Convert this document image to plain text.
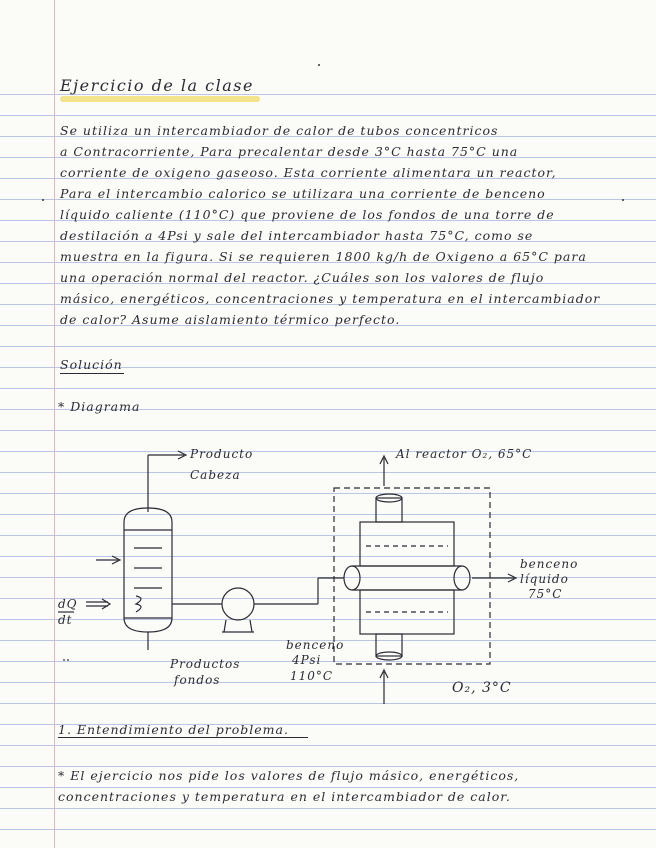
Ejercicio de la clase
Se utiliza un intercambiador de calor de tubos concentricos
a Contracorriente, Para precalentar desde 3°C hasta 75°C una
corriente de oxigeno gaseoso. Esta corriente alimentara un reactor,
Para el intercambio calorico se utilizara una corriente de benceno
líquido caliente (110°C) que proviene de los fondos de una torre de
destilación a 4Psi y sale del intercambiador hasta 75°C, como se
muestra en la figura. Si se requieren 1800 kg/h de Oxigeno a 65°C para
una operación normal del reactor. ¿Cuáles son los valores de flujo
másico, energéticos, concentraciones y temperatura en el intercambiador
de calor? Asume aislamiento térmico perfecto.
Solución
* Diagrama
Producto
Cabeza
Al reactor O₂, 65°C
benceno
líquido
75°C
dQ
dt
Productos
fondos
benceno
4Psi
110°C
O₂, 3°C
1. Entendimiento del problema.
* El ejercicio nos pide los valores de flujo másico, energéticos,
concentraciones y temperatura en el intercambiador de calor.
